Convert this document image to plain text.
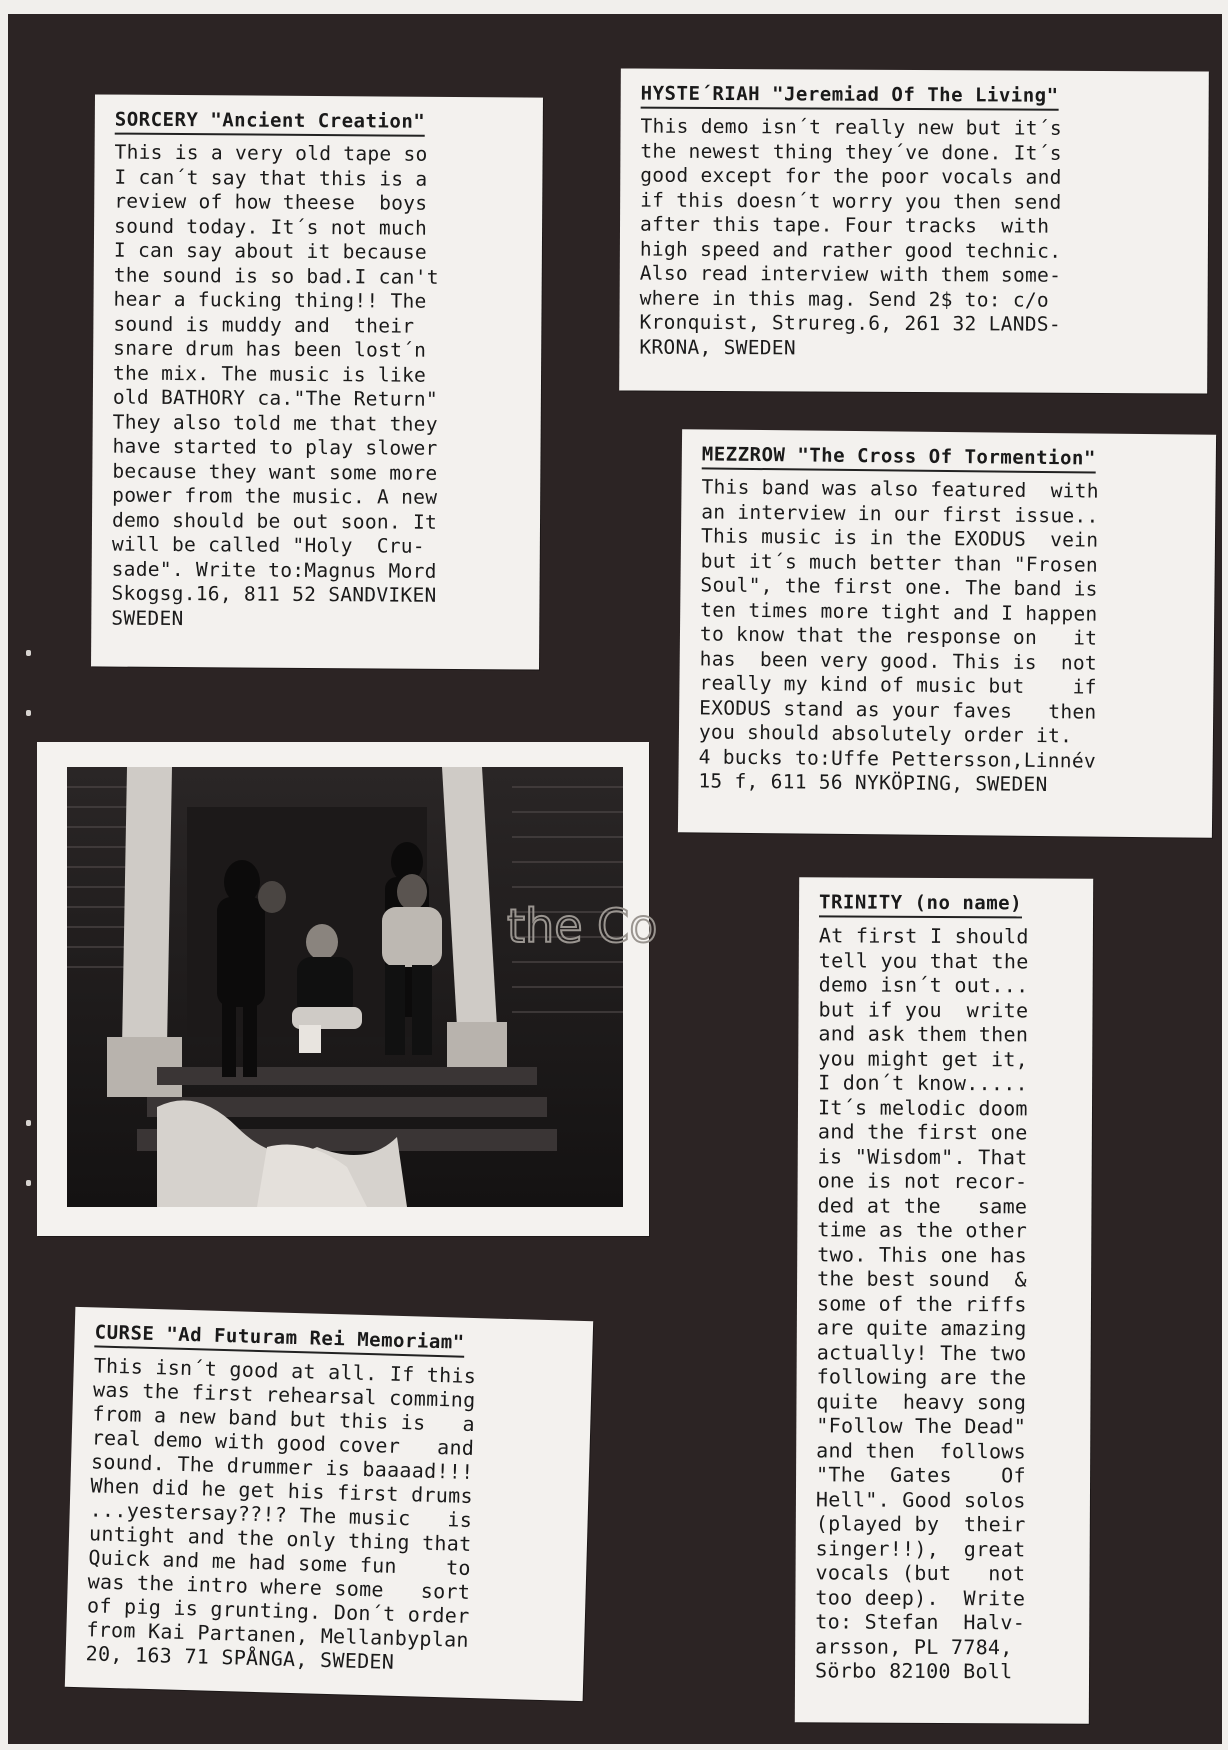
SORCERY "Ancient Creation"
This is a very old tape so
I can´t say that this is a
review of how theese  boys
sound today. It´s not much
I can say about it because
the sound is so bad.I can't
hear a fucking thing!! The
sound is muddy and  their
snare drum has been lost´n
the mix. The music is like
old BATHORY ca."The Return"
They also told me that they
have started to play slower
because they want some more
power from the music. A new
demo should be out soon. It
will be called "Holy  Cru-
sade". Write to:Magnus Mord
Skogsg.16, 811 52 SANDVIKEN
SWEDEN
HYSTE´RIAH "Jeremiad Of The Living"
This demo isn´t really new but it´s
the newest thing they´ve done. It´s
good except for the poor vocals and
if this doesn´t worry you then send
after this tape. Four tracks  with
high speed and rather good technic.
Also read interview with them some-
where in this mag. Send 2$ to: c/o
Kronquist, Strureg.6, 261 32 LANDS-
KRONA, SWEDEN
MEZZROW "The Cross Of Tormention"
This band was also featured  with
an interview in our first issue..
This music is in the EXODUS  vein
but it´s much better than "Frosen
Soul", the first one. The band is
ten times more tight and I happen
to know that the response on   it
has  been very good. This is  not
really my kind of music but    if
EXODUS stand as your faves   then
you should absolutely order it.
4 bucks to:Uffe Pettersson,Linnév
15 f, 611 56 NYKÖPING, SWEDEN
TRINITY (no name)
At first I should
tell you that the
demo isn´t out...
but if you  write
and ask them then
you might get it,
I don´t know.....
It´s melodic doom
and the first one
is "Wisdom". That
one is not recor-
ded at the   same
time as the other
two. This one has
the best sound  &
some of the riffs
are quite amazing
actually! The two
following are the
quite  heavy song
"Follow The Dead"
and then  follows
"The  Gates    Of
Hell". Good solos
(played by  their
singer!!),  great
vocals (but   not
too deep).  Write
to: Stefan  Halv-
arsson, PL 7784,
Sörbo 82100 Boll
CURSE "Ad Futuram Rei Memoriam"
This isn´t good at all. If this
was the first rehearsal comming
from a new band but this is   a
real demo with good cover   and
sound. The drummer is baaaad!!!
When did he get his first drums
...yestersay??!? The music   is
untight and the only thing that
Quick and me had some fun    to
was the intro where some   sort
of pig is grunting. Don´t order
from Kai Partanen, Mellanbyplan
20, 163 71 SPÅNGA, SWEDEN
the Co
